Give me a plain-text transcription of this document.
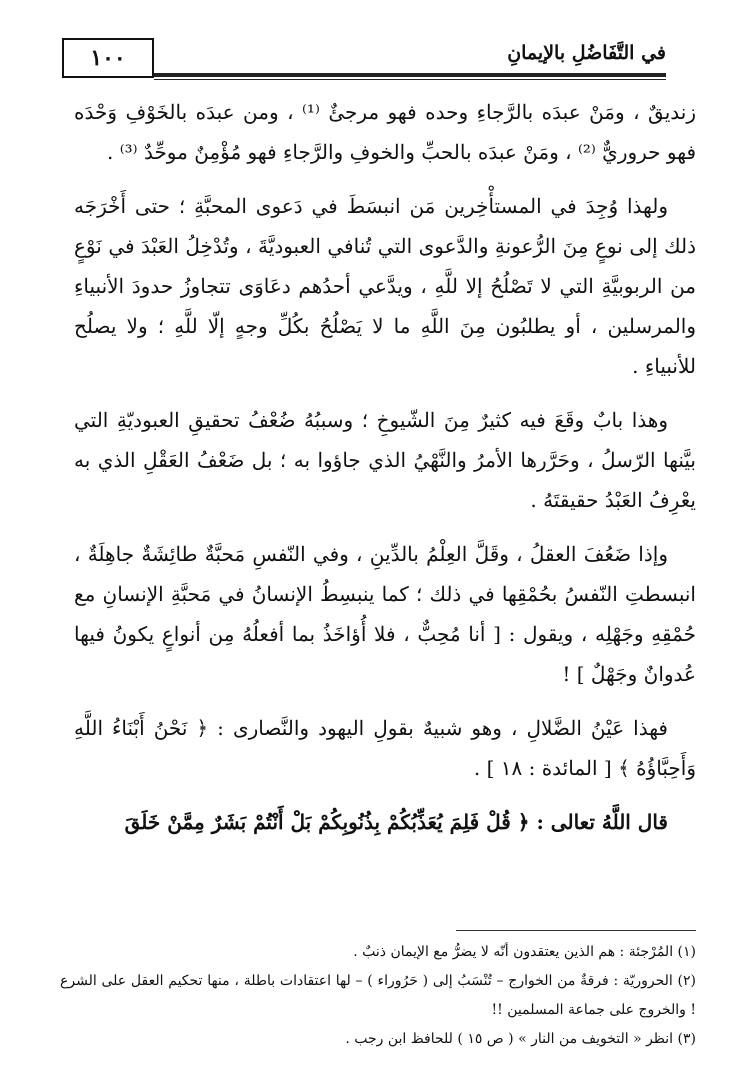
١٠٠	في التَّفَاضُلِ بالإيمانِ

زنديقٌ ، ومَنْ عبدَه بالرَّجاءِ وحده فهو مرجئٌ ⁽¹⁾ ، ومن عبدَه بالخَوْفِ وَحْدَه فهو حروريٌّ ⁽²⁾ ، ومَنْ عبدَه بالحبِّ والخوفِ والرَّجاءِ فهو مُؤْمِنٌ موحِّدٌ ⁽³⁾ .

ولهذا وُجِدَ في المستأْخِرين مَن انبسَطَ في دَعوى المحبَّةِ ؛ حتى أَخْرَجَه ذلك إلى نوعٍ مِنَ الرُّعونةِ والدَّعوى التي تُنافي العبوديَّةَ ، وتُدْخِلُ العَبْدَ في نَوْعٍ من الربوبيَّةِ التي لا تَصْلُحُ إلا للَّهِ ، ويدَّعي أحدُهم دعَاوَى تتجاوزُ حدودَ الأنبياءِ والمرسلين ، أو يطلبُون مِنَ اللَّهِ ما لا يَصْلُحُ بكُلِّ وجهٍ إلّا للَّهِ ؛ ولا يصلُح للأنبياءِ .

وهذا بابٌ وقَعَ فيه كثيرٌ مِنَ الشّيوخِ ؛ وسببُهُ ضُعْفُ تحقيقِ العبوديّةِ التي بيَّنها الرّسلُ ، وحَرَّرها الأمرُ والنَّهْيُ الذي جاؤوا به ؛ بل ضَعْفُ العَقْلِ الذي به يعْرِفُ العَبْدُ حقيقتَهُ .

وإذا ضَعُفَ العقلُ ، وقَلَّ العِلْمُ بالدِّينِ ، وفي النّفسِ مَحبَّةٌ طائِشَةٌ جاهِلَةٌ ، انبسطتِ النّفسُ بحُمْقِها في ذلك ؛ كما ينبسِطُ الإنسانُ في مَحبَّةِ الإنسانِ مع حُمْقِهِ وجَهْلِه ، ويقول : [ أنا مُحِبٌّ ، فلا أُؤاخَذُ بما أفعلُهُ مِن أنواعٍ يكونُ فيها عُدوانٌ وجَهْلٌ ] !

فهذا عَيْنُ الضَّلالِ ، وهو شبيهٌ بقولِ اليهود والنَّصارى : ﴿ نَحْنُ أَبْنَاءُ اللَّهِ وَأَحِبَّاؤُهُ ﴾ [ المائدة : ١٨ ] .

قال اللَّهُ تعالى : ﴿ قُلْ فَلِمَ يُعَذِّبُكُمْ بِذُنُوبِكُمْ بَلْ أَنْتُمْ بَشَرٌ مِمَّنْ خَلَقَ

(١) المُرْجئة : هم الذين يعتقدون أنّه لا يضرُّ مع الإيمان ذنبٌ .

(٢) الحروريّة : فرقةٌ من الخوارج – تُنْسَبُ إلى ( حَرُوراء ) – لها اعتقادات باطلة ، منها تحكيم العقل على الشرع ! والخروج على جماعة المسلمين !!

(٣) انظر « التخويف من النار » ( ص ١٥ ) للحافظ ابن رجب .
